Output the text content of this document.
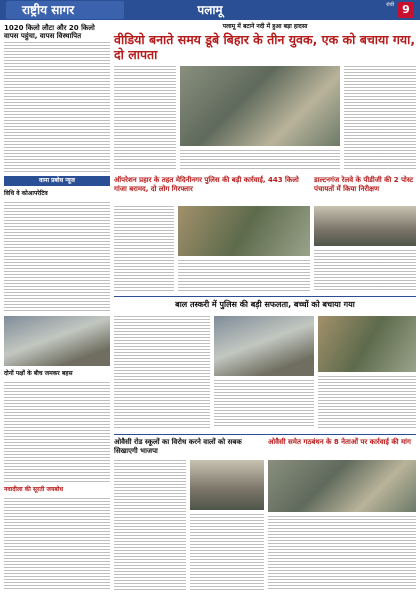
राष्ट्रीय सागर	पलामू	रांची 9
1020 किलो लौटा और 20 किलो वापस पहुंचा, वापस विस्थापित
वामा प्रबोध न्यूज
विधि वे कोआपरेटिव
दोनों पक्षों के बीच जमकर बहस
नवादीला की सूरती जयबोध
पलामू में बटाने नदी में हुआ बड़ा हादसा
वीडियो बनाते समय डूबे बिहार के तीन युवक, एक को बचाया गया, दो लापता
ऑपरेशन प्रहार के तहत मेदिनीनगर पुलिस की बड़ी कार्रवाई, 443 किलो गांजा बरामद, दो लोग गिरफ्तार
डाल्टनगंज रेलवे के पीडीजी की 2 पोस्ट पंचायतों में किया निरीक्षण
बाल तस्करी में पुलिस की बड़ी सफलता, बच्चों को बचाया गया
ओवैसी रोड स्कूलों का विरोध करने वालों को सबक सिखाएगी भाजपा
ओवैसी समेत गठबंधन के 8 नेताओं पर कार्रवाई की मांग
